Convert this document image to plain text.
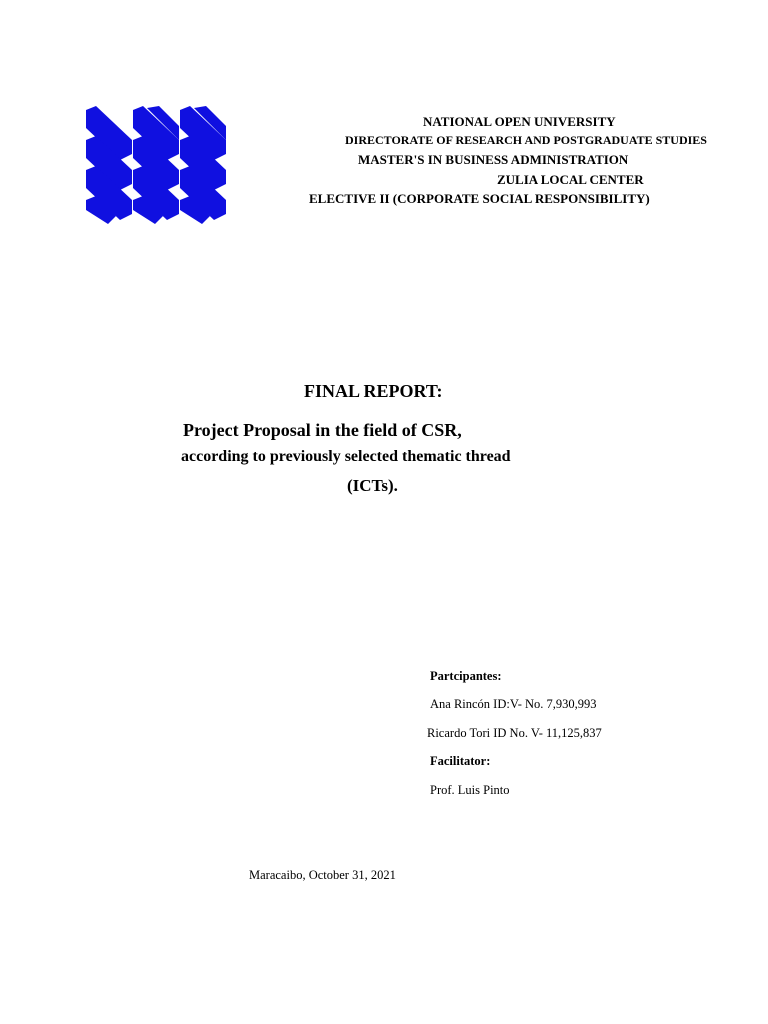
NATIONAL OPEN UNIVERSITY
DIRECTORATE OF RESEARCH AND POSTGRADUATE STUDIES
MASTER'S IN BUSINESS ADMINISTRATION
ZULIA LOCAL CENTER
ELECTIVE II (CORPORATE SOCIAL RESPONSIBILITY)
FINAL REPORT:
Project Proposal in the field of CSR,
according to previously selected thematic thread
(ICTs).
Partcipantes:
Ana Rincón ID:V- No. 7,930,993
Ricardo Tori ID No. V- 11,125,837
Facilitator:
Prof. Luis Pinto
Maracaibo, October 31, 2021
